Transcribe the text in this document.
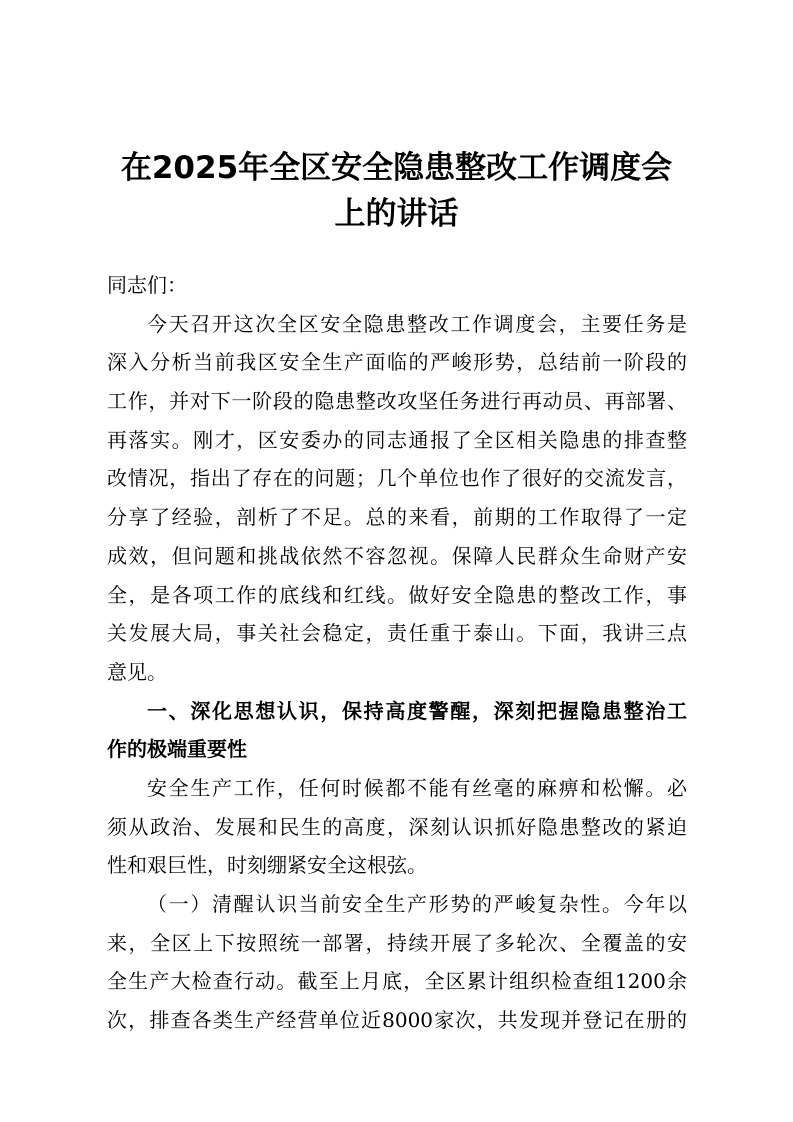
在2025年全区安全隐患整改工作调度会
上的讲话
同志们：
今天召开这次全区安全隐患整改工作调度会，主要任务是
深入分析当前我区安全生产面临的严峻形势，总结前一阶段的
工作，并对下一阶段的隐患整改攻坚任务进行再动员、再部署、
再落实。刚才，区安委办的同志通报了全区相关隐患的排查整
改情况，指出了存在的问题；几个单位也作了很好的交流发言，
分享了经验，剖析了不足。总的来看，前期的工作取得了一定
成效，但问题和挑战依然不容忽视。保障人民群众生命财产安
全，是各项工作的底线和红线。做好安全隐患的整改工作，事
关发展大局，事关社会稳定，责任重于泰山。下面，我讲三点
意见。
一、深化思想认识，保持高度警醒，深刻把握隐患整治工
作的极端重要性
安全生产工作，任何时候都不能有丝毫的麻痹和松懈。必
须从政治、发展和民生的高度，深刻认识抓好隐患整改的紧迫
性和艰巨性，时刻绷紧安全这根弦。
（一）清醒认识当前安全生产形势的严峻复杂性。今年以
来，全区上下按照统一部署，持续开展了多轮次、全覆盖的安
全生产大检查行动。截至上月底，全区累计组织检查组1200余
次，排查各类生产经营单位近8000家次，共发现并登记在册的
